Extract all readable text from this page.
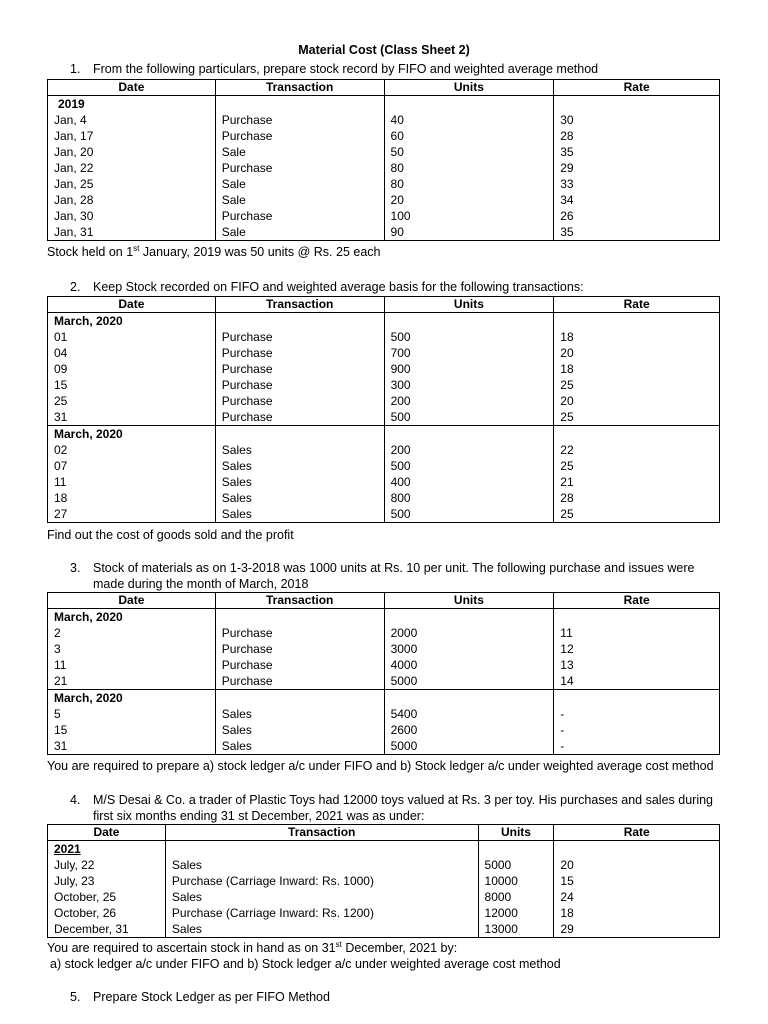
Material Cost (Class Sheet 2)
1. From the following particulars, prepare stock record by FIFO and weighted average method
Date	Transaction	Units	Rate
2019			
Jan, 4	Purchase	40	30
Jan, 17	Purchase	60	28
Jan, 20	Sale	50	35
Jan, 22	Purchase	80	29
Jan, 25	Sale	80	33
Jan, 28	Sale	20	34
Jan, 30	Purchase	100	26
Jan, 31	Sale	90	35
Stock held on 1st January, 2019 was 50 units @ Rs. 25 each
2. Keep Stock recorded on FIFO and weighted average basis for the following transactions:
Date	Transaction	Units	Rate
March, 2020			
01	Purchase	500	18
04	Purchase	700	20
09	Purchase	900	18
15	Purchase	300	25
25	Purchase	200	20
31	Purchase	500	25
March, 2020			
02	Sales	200	22
07	Sales	500	25
11	Sales	400	21
18	Sales	800	28
27	Sales	500	25
Find out the cost of goods sold and the profit
3. Stock of materials as on 1-3-2018 was 1000 units at Rs. 10 per unit. The following purchase and issues were
made during the month of March, 2018
Date	Transaction	Units	Rate
March, 2020			
2	Purchase	2000	11
3	Purchase	3000	12
11	Purchase	4000	13
21	Purchase	5000	14
March, 2020			
5	Sales	5400	-
15	Sales	2600	-
31	Sales	5000	-
You are required to prepare a) stock ledger a/c under FIFO and b) Stock ledger a/c under weighted average cost method
4. M/S Desai & Co. a trader of Plastic Toys had 12000 toys valued at Rs. 3 per toy. His purchases and sales during
first six months ending 31 st December, 2021 was as under:
Date	Transaction	Units	Rate
2021			
July, 22	Sales	5000	20
July, 23	Purchase (Carriage Inward: Rs. 1000)	10000	15
October, 25	Sales	8000	24
October, 26	Purchase (Carriage Inward: Rs. 1200)	12000	18
December, 31	Sales	13000	29
You are required to ascertain stock in hand as on 31st December, 2021 by:
a) stock ledger a/c under FIFO and b) Stock ledger a/c under weighted average cost method
5. Prepare Stock Ledger as per FIFO Method
